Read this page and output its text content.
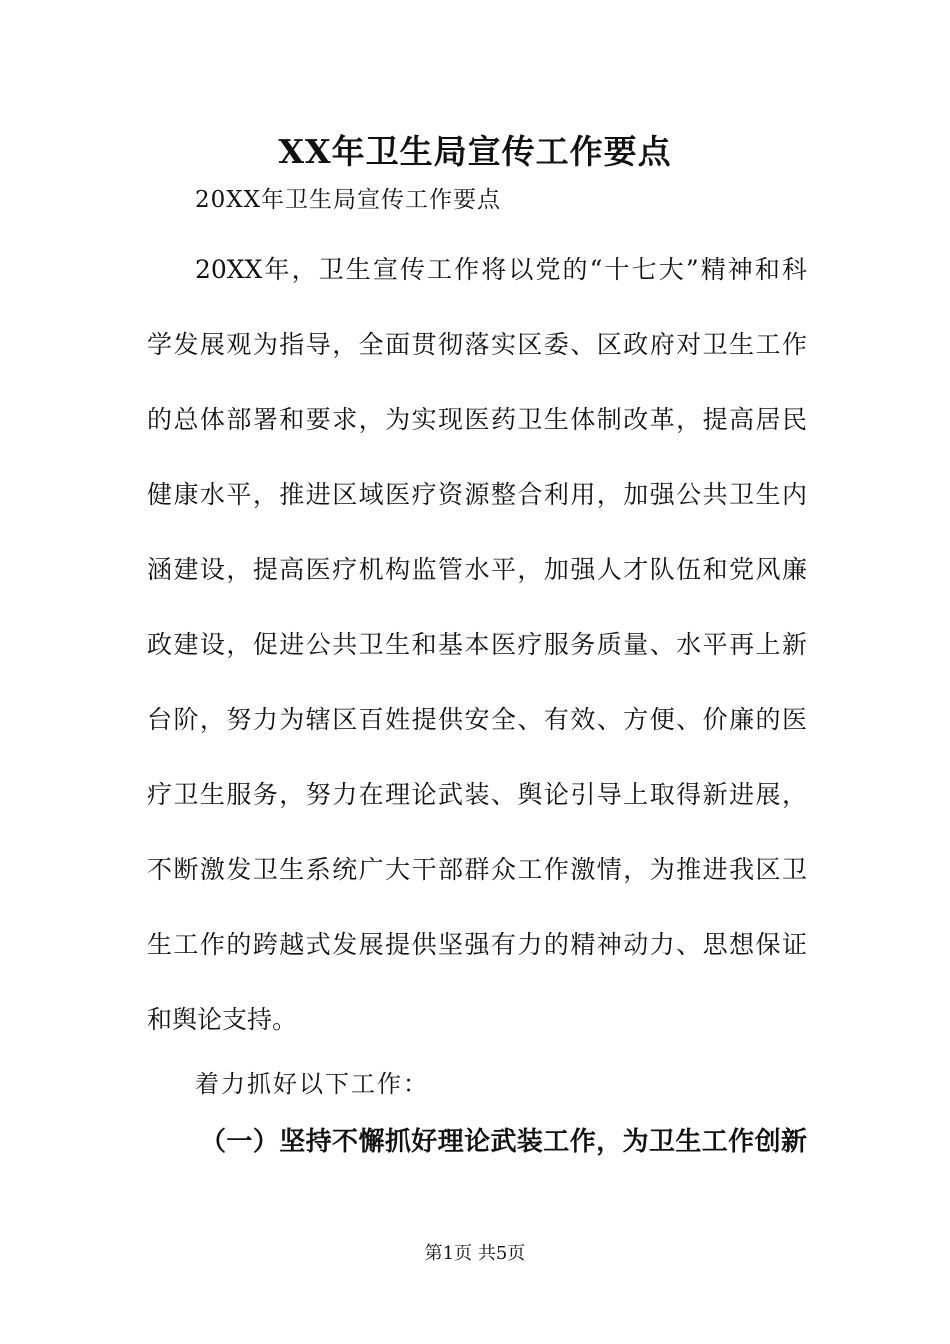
XX年卫生局宣传工作要点
20XX年卫生局宣传工作要点
20XX年，卫生宣传工作将以党的“十七大”精神和科
学发展观为指导，全面贯彻落实区委、区政府对卫生工作
的总体部署和要求，为实现医药卫生体制改革，提高居民
健康水平，推进区域医疗资源整合利用，加强公共卫生内
涵建设，提高医疗机构监管水平，加强人才队伍和党风廉
政建设，促进公共卫生和基本医疗服务质量、水平再上新
台阶，努力为辖区百姓提供安全、有效、方便、价廉的医
疗卫生服务，努力在理论武装、舆论引导上取得新进展，
不断激发卫生系统广大干部群众工作激情，为推进我区卫
生工作的跨越式发展提供坚强有力的精神动力、思想保证
和舆论支持。
着力抓好以下工作：
（一）坚持不懈抓好理论武装工作，为卫生工作创新
第1页 共5页
